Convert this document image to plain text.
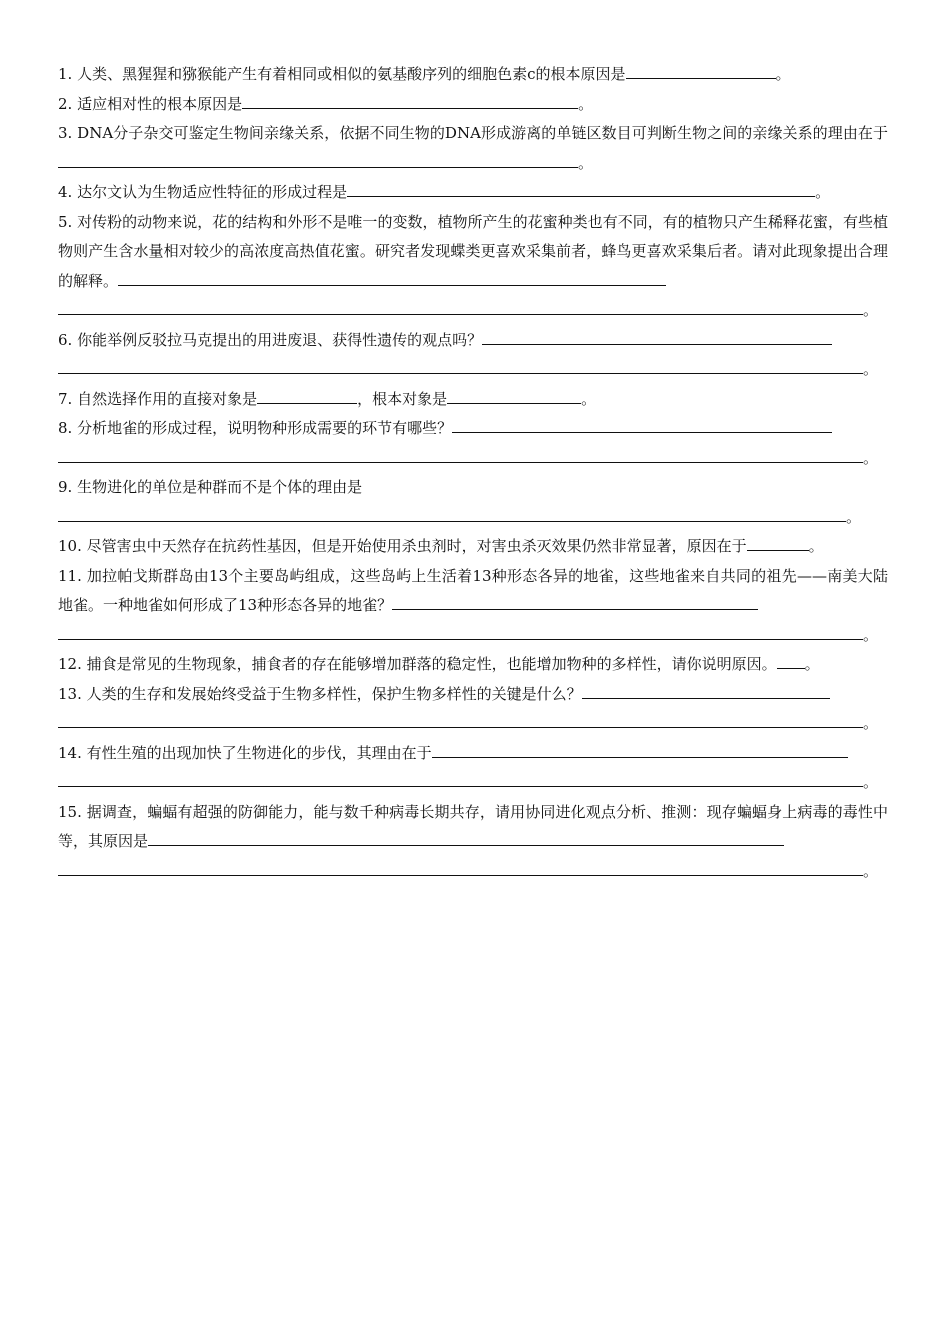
1. 人类、黑猩猩和猕猴能产生有着相同或相似的氨基酸序列的细胞色素c的根本原因是	。
2. 适应相对性的根本原因是	。
3. DNA分子杂交可鉴定生物间亲缘关系，依据不同生物的DNA形成游离的单链区数目可判断生物之间的亲缘关系的理由在于。
4. 达尔文认为生物适应性特征的形成过程是	。
5. 对传粉的动物来说，花的结构和外形不是唯一的变数，植物所产生的花蜜种类也有不同，有的植物只产生稀释花蜜，有些植物则产生含水量相对较少的高浓度高热值花蜜。研究者发现蝶类更喜欢采集前者，蜂鸟更喜欢采集后者。请对此现象提出合理的解释。
。
6. 你能举例反驳拉马克提出的用进废退、获得性遗传的观点吗？
。
7. 自然选择作用的直接对象是	，根本对象是	。
8. 分析地雀的形成过程，说明物种形成需要的环节有哪些？
。
9. 生物进化的单位是种群而不是个体的理由是
。
10. 尽管害虫中天然存在抗药性基因，但是开始使用杀虫剂时，对害虫杀灭效果仍然非常显著，原因在于	。
11. 加拉帕戈斯群岛由13个主要岛屿组成，这些岛屿上生活着13种形态各异的地雀，这些地雀来自共同的祖先——南美大陆地雀。一种地雀如何形成了13种形态各异的地雀？
。
12. 捕食是常见的生物现象，捕食者的存在能够增加群落的稳定性，也能增加物种的多样性，请你说明原因。 。
13. 人类的生存和发展始终受益于生物多样性，保护生物多样性的关键是什么？
。
14. 有性生殖的出现加快了生物进化的步伐，其理由在于
。
15. 据调查，蝙蝠有超强的防御能力，能与数千种病毒长期共存，请用协同进化观点分析、推测：现存蝙蝠身上病毒的毒性中等，其原因是
。
